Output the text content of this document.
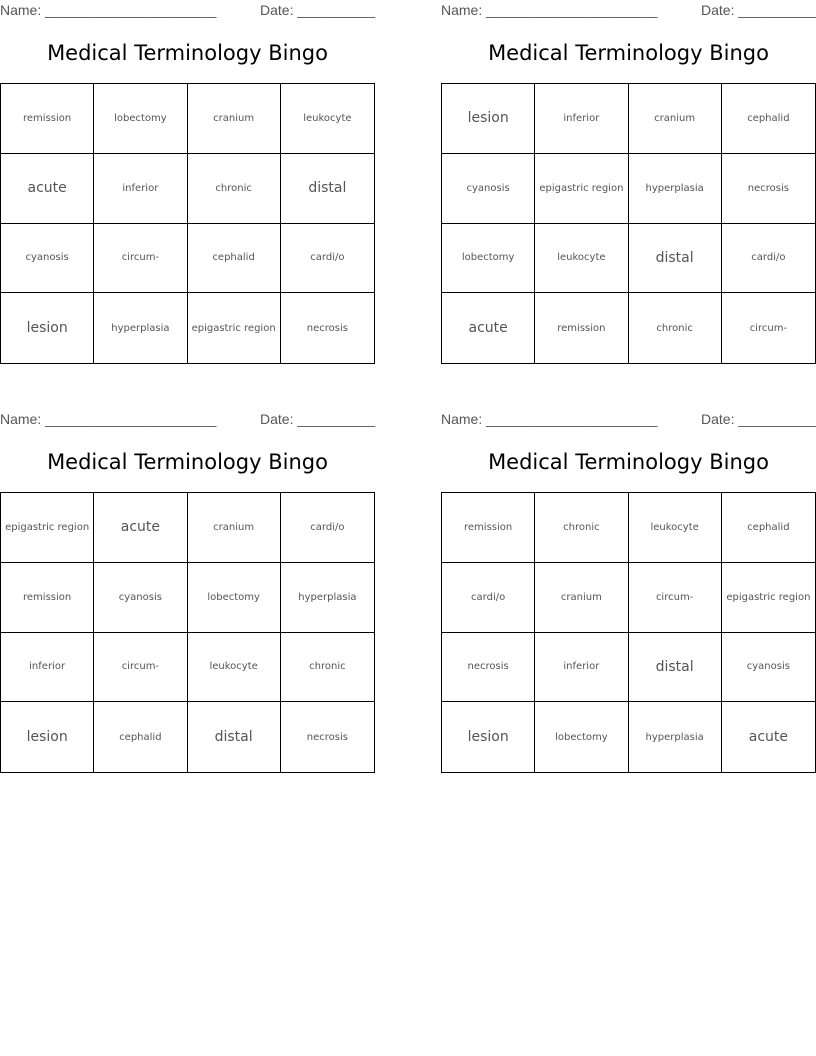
Name: ______________________	Date: __________
Medical Terminology Bingo
remission	lobectomy	cranium	leukocyte
acute	inferior	chronic	distal
cyanosis	circum-	cephalid	cardi/o
lesion	hyperplasia	epigastric region	necrosis
Name: ______________________	Date: __________
Medical Terminology Bingo
lesion	inferior	cranium	cephalid
cyanosis	epigastric region	hyperplasia	necrosis
lobectomy	leukocyte	distal	cardi/o
acute	remission	chronic	circum-
Name: ______________________	Date: __________
Medical Terminology Bingo
epigastric region	acute	cranium	cardi/o
remission	cyanosis	lobectomy	hyperplasia
inferior	circum-	leukocyte	chronic
lesion	cephalid	distal	necrosis
Name: ______________________	Date: __________
Medical Terminology Bingo
remission	chronic	leukocyte	cephalid
cardi/o	cranium	circum-	epigastric region
necrosis	inferior	distal	cyanosis
lesion	lobectomy	hyperplasia	acute
